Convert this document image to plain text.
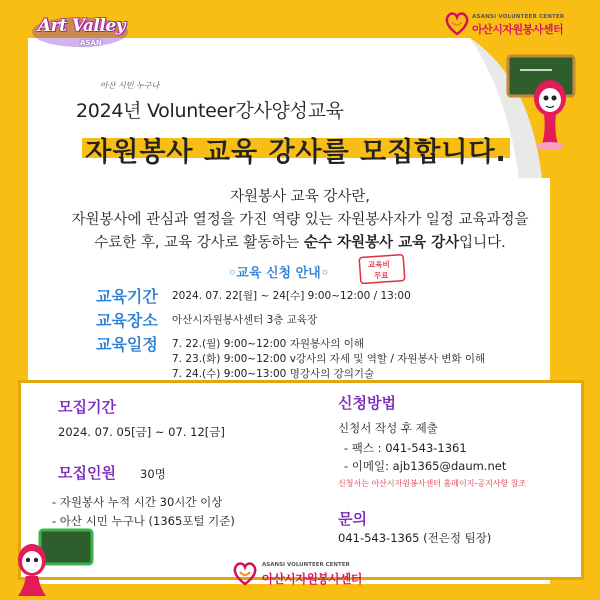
Art Valley
ASAN
ASANSI VOLUNTEER CENTER
아산시자원봉사센터
아산 시민 누구나
2024년 Volunteer강사양성교육
자원봉사 교육 강사를 모집합니다.
자원봉사 교육 강사란,
자원봉사에 관심과 열정을 가진 역량 있는 자원봉사자가 일정 교육과정을
수료한 후, 교육 강사로 활동하는 순수 자원봉사 교육 강사입니다.
◦교육 신청 안내◦
교육비
무료
교육기간 2024. 07. 22[월] ~ 24[수] 9:00~12:00 / 13:00
교육장소 아산시자원봉사센터 3층 교육장
교육일정 7. 22.(월) 9:00~12:00 자원봉사의 이해
7. 23.(화) 9:00~12:00 v강사의 자세 및 역할 / 자원봉사 변화 이해
7. 24.(수) 9:00~13:00 명강사의 강의기술
모집기간
2024. 07. 05[금] ~ 07. 12[금]
모집인원 30명
- 자원봉사 누적 시간 30시간 이상
- 아산 시민 누구나 (1365포털 기준)
신청방법
신청서 작성 후 제출
- 팩스 : 041-543-1361
- 이메일: ajb1365@daum.net
신청서는 아산시자원봉사센터 홈페이지-공지사항 참조
문의
041-543-1365 (전은정 팀장)
ASANSI VOLUNTEER CENTER
아산시자원봉사센터
